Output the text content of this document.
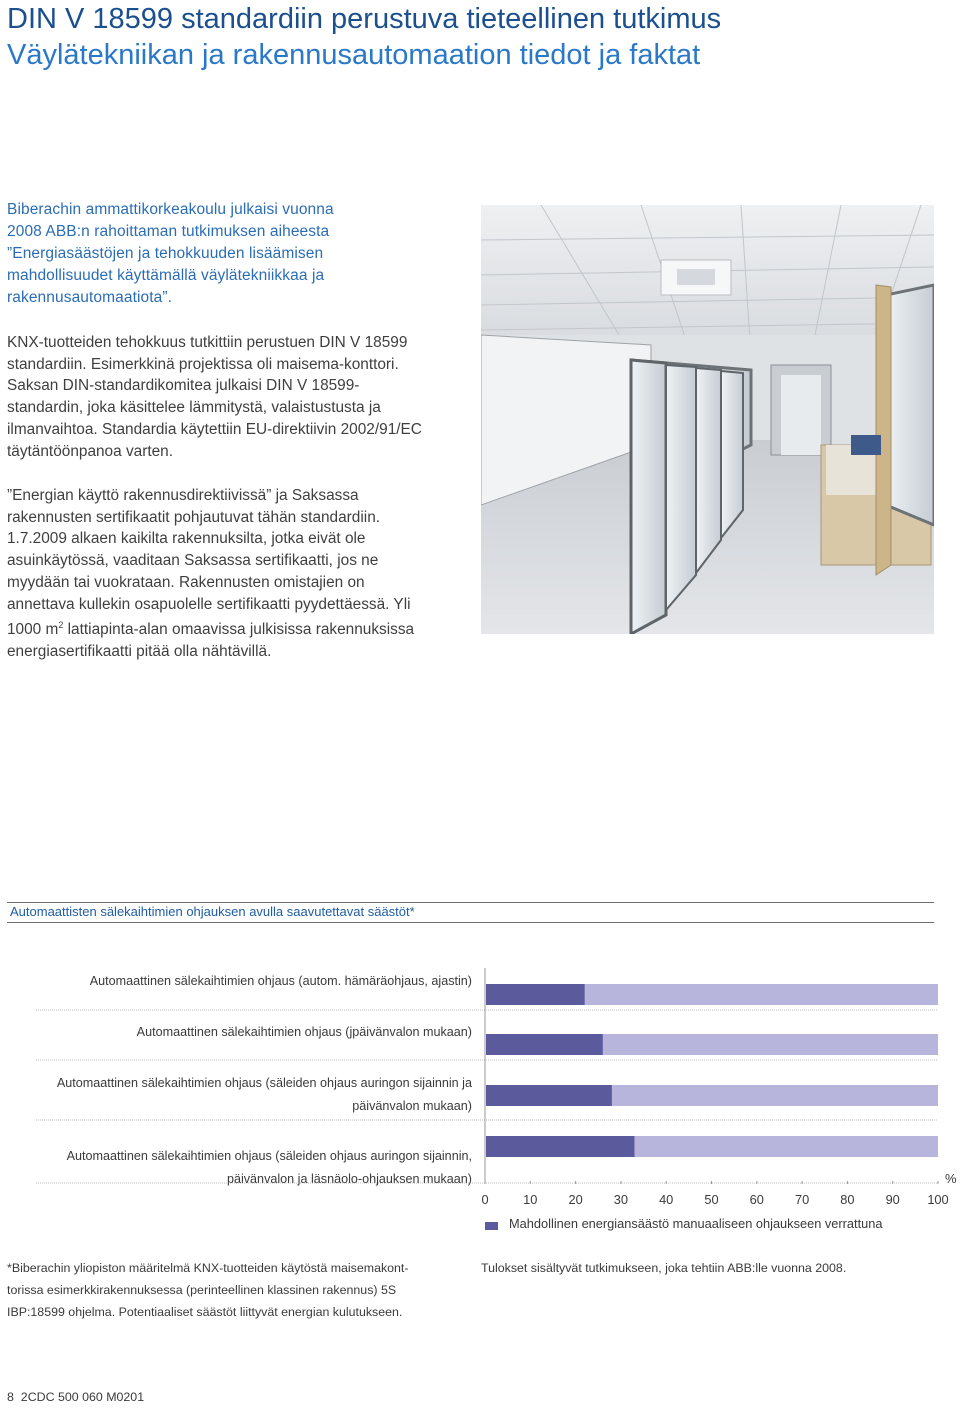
DIN V 18599 standardiin perustuva tieteellinen tutkimus
Väylätekniikan ja rakennusautomaation tiedot ja faktat
Biberachin ammattikorkeakoulu julkaisi vuonna
2008 ABB:n rahoittaman tutkimuksen aiheesta
”Energiasäästöjen ja tehokkuuden lisäämisen
mahdollisuudet käyttämällä väylätekniikkaa ja
rakennusautomaatiota”.
KNX-tuotteiden tehokkuus tutkittiin perustuen DIN V 18599
standardiin. Esimerkkinä projektissa oli maisema-konttori.
Saksan DIN-standardikomitea julkaisi DIN V 18599-
standardin, joka käsittelee lämmitystä, valaistustusta ja
ilmanvaihtoa. Standardia käytettiin EU-direktiivin 2002/91/EC
täytäntöönpanoa varten.
”Energian käyttö rakennusdirektiivissä” ja Saksassa
rakennusten sertifikaatit pohjautuvat tähän standardiin.
1.7.2009 alkaen kaikilta rakennuksilta, jotka eivät ole
asuinkäytössä, vaaditaan Saksassa sertifikaatti, jos ne
myydään tai vuokrataan. Rakennusten omistajien on
annettava kullekin osapuolelle sertifikaatti pyydettäessä. Yli
1000 $m^2$ lattiapinta-alan omaavissa julkisissa rakennuksissa
energiasertifikaatti pitää olla nähtävillä.
Automaattisten sälekaihtimien ohjauksen avulla saavutettavat säästöt*
Automaattinen sälekaihtimien ohjaus (autom. hämäräohjaus, ajastin)
Automaattinen sälekaihtimien ohjaus (jpäivänvalon mukaan)
Automaattinen sälekaihtimien ohjaus (säleiden ohjaus auringon sijainnin ja
päivänvalon mukaan)
Automaattinen sälekaihtimien ohjaus (säleiden ohjaus auringon sijainnin,
päivänvalon ja läsnäolo-ohjauksen mukaan)	%
0	10 20 30 40 50 60 70 80 90 100
Mahdollinen energiansäästö manuaaliseen ohjaukseen verrattuna
*Biberachin yliopiston määritelmä KNX-tuotteiden käytöstä maisemakont-
torissa esimerkkirakennuksessa (perinteellinen klassinen rakennus) 5S
IBP:18599 ohjelma. Potentiaaliset säästöt liittyvät energian kulutukseen.
Tulokset sisältyvät tutkimukseen, joka tehtiin ABB:lle vuonna 2008.
8 2CDC 500 060 M0201
